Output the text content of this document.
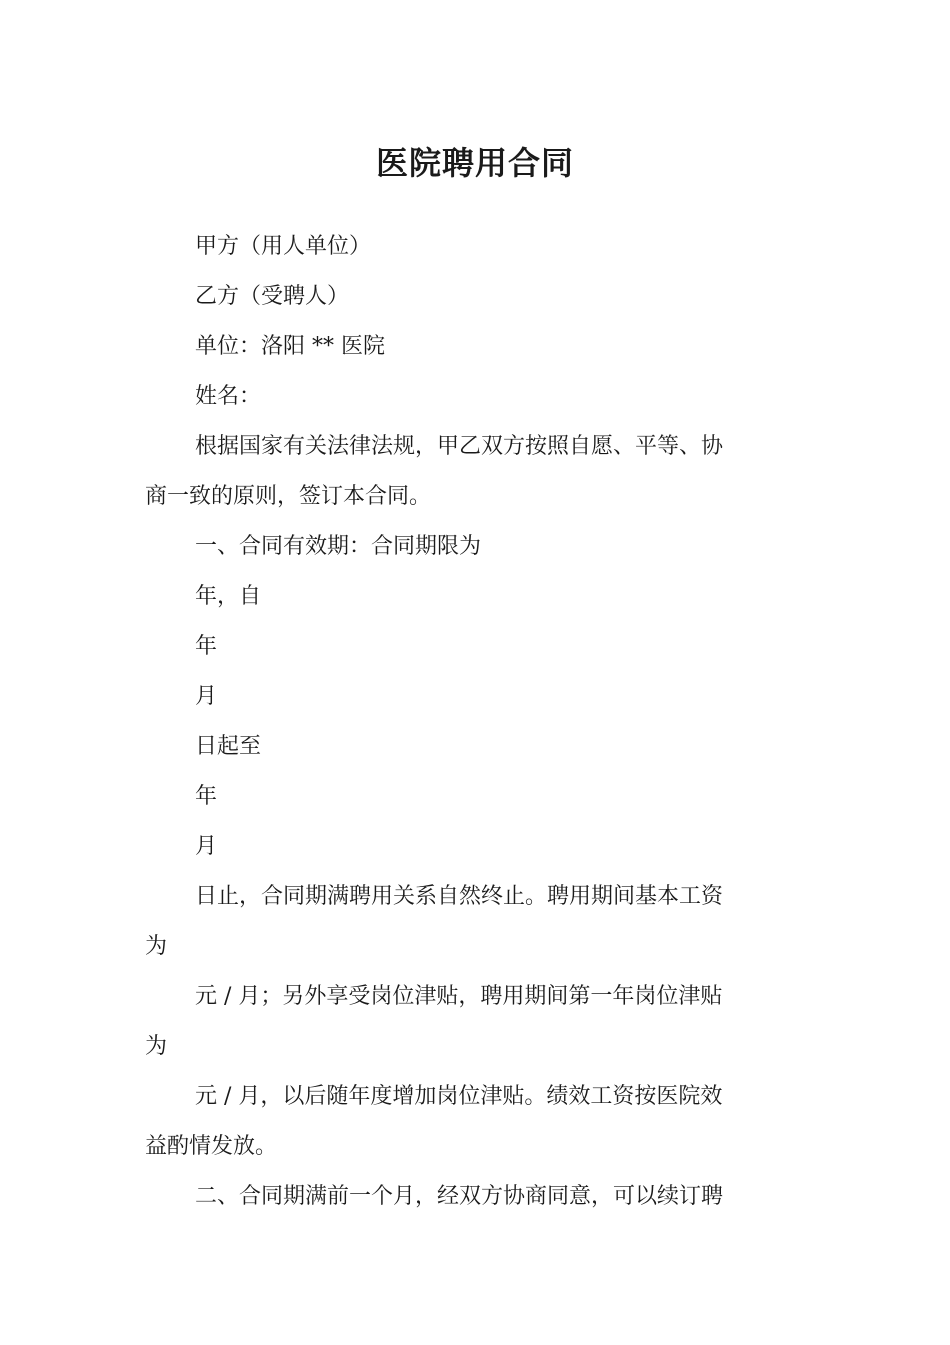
医院聘用合同

甲方（用人单位）

乙方（受聘人）

单位：洛阳 ** 医院

姓名：

根据国家有关法律法规，甲乙双方按照自愿、平等、协

商一致的原则，签订本合同。

一、合同有效期：合同期限为

年，自

年

月

日起至

年

月

日止，合同期满聘用关系自然终止。聘用期间基本工资

为

元 / 月；另外享受岗位津贴，聘用期间第一年岗位津贴

为

元 / 月，以后随年度增加岗位津贴。绩效工资按医院效

益酌情发放。

二、合同期满前一个月，经双方协商同意，可以续订聘
